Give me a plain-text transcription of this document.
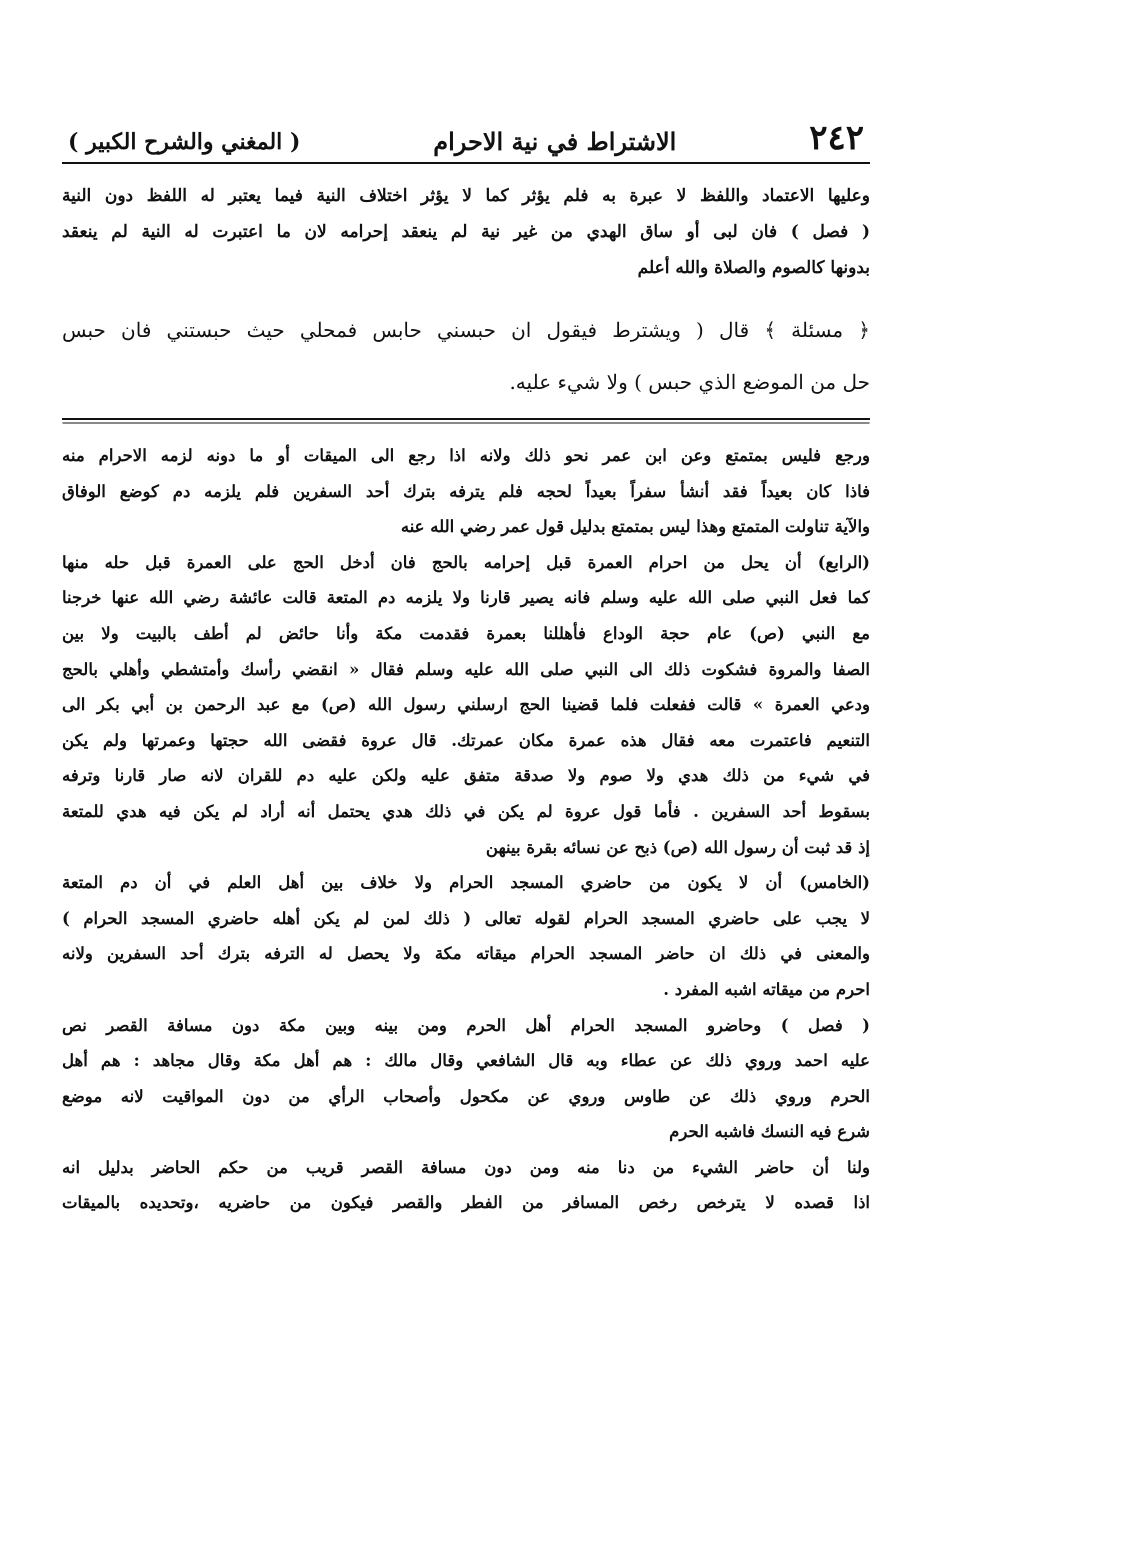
٢٤٢
الاشتراط في نية الاحرام
( المغني والشرح الكبير )
وعليها الاعتماد واللفظ لا عبرة به فلم يؤثر كما لا يؤثر اختلاف النية فيما يعتبر له اللفظ دون النية
( فصل ) فان لبى أو ساق الهدي من غير نية لم ينعقد إحرامه لان ما اعتبرت له النية لم ينعقد
بدونها كالصوم والصلاة والله أعلم
﴿ مسئلة ﴾ قال ( ويشترط فيقول ان حبسني حابس فمحلي حيث حبستني فان حبس
حل من الموضع الذي حبس ) ولا شيء عليه.
ورجع فليس بمتمتع وعن ابن عمر نحو ذلك ولانه اذا رجع الى الميقات أو ما دونه لزمه الاحرام منه
فاذا كان بعيداً فقد أنشأ سفراً بعيداً لحجه فلم يترفه بترك أحد السفرين فلم يلزمه دم كوضع الوفاق
والآية تناولت المتمتع وهذا ليس بمتمتع بدليل قول عمر رضي الله عنه
(الرابع) أن يحل من احرام العمرة قبل إحرامه بالحج فان أدخل الحج على العمرة قبل حله منها
كما فعل النبي صلى الله عليه وسلم فانه يصير قارنا ولا يلزمه دم المتعة قالت عائشة رضي الله عنها خرجنا
مع النبي (ص) عام حجة الوداع فأهللنا بعمرة فقدمت مكة وأنا حائض لم أطف بالبيت ولا بين
الصفا والمروة فشكوت ذلك الى النبي صلى الله عليه وسلم فقال « انقضي رأسك وأمتشطي وأهلي بالحج
ودعي العمرة » قالت ففعلت فلما قضينا الحج ارسلني رسول الله (ص) مع عبد الرحمن بن أبي بكر الى
التنعيم فاعتمرت معه فقال هذه عمرة مكان عمرتك. قال عروة فقضى الله حجتها وعمرتها ولم يكن
في شيء من ذلك هدي ولا صوم ولا صدقة متفق عليه ولكن عليه دم للقران لانه صار قارنا وترفه
بسقوط أحد السفرين . فأما قول عروة لم يكن في ذلك هدي يحتمل أنه أراد لم يكن فيه هدي للمتعة
إذ قد ثبت أن رسول الله (ص) ذبح عن نسائه بقرة بينهن
(الخامس) أن لا يكون من حاضري المسجد الحرام ولا خلاف بين أهل العلم في أن دم المتعة
لا يجب على حاضري المسجد الحرام لقوله تعالى ( ذلك لمن لم يكن أهله حاضري المسجد الحرام )
والمعنى في ذلك ان حاضر المسجد الحرام ميقاته مكة ولا يحصل له الترفه بترك أحد السفرين ولانه
احرم من ميقاته اشبه المفرد .
( فصل ) وحاضرو المسجد الحرام أهل الحرم ومن بينه وبين مكة دون مسافة القصر نص
عليه احمد وروي ذلك عن عطاء وبه قال الشافعي وقال مالك : هم أهل مكة وقال مجاهد : هم أهل
الحرم وروي ذلك عن طاوس وروي عن مكحول وأصحاب الرأي من دون المواقيت لانه موضع
شرع فيه النسك فاشبه الحرم
ولنا أن حاضر الشيء من دنا منه ومن دون مسافة القصر قريب من حكم الحاضر بدليل انه
اذا قصده لا يترخص رخص المسافر من الفطر والقصر فيكون من حاضريه ،وتحديده بالميقات
